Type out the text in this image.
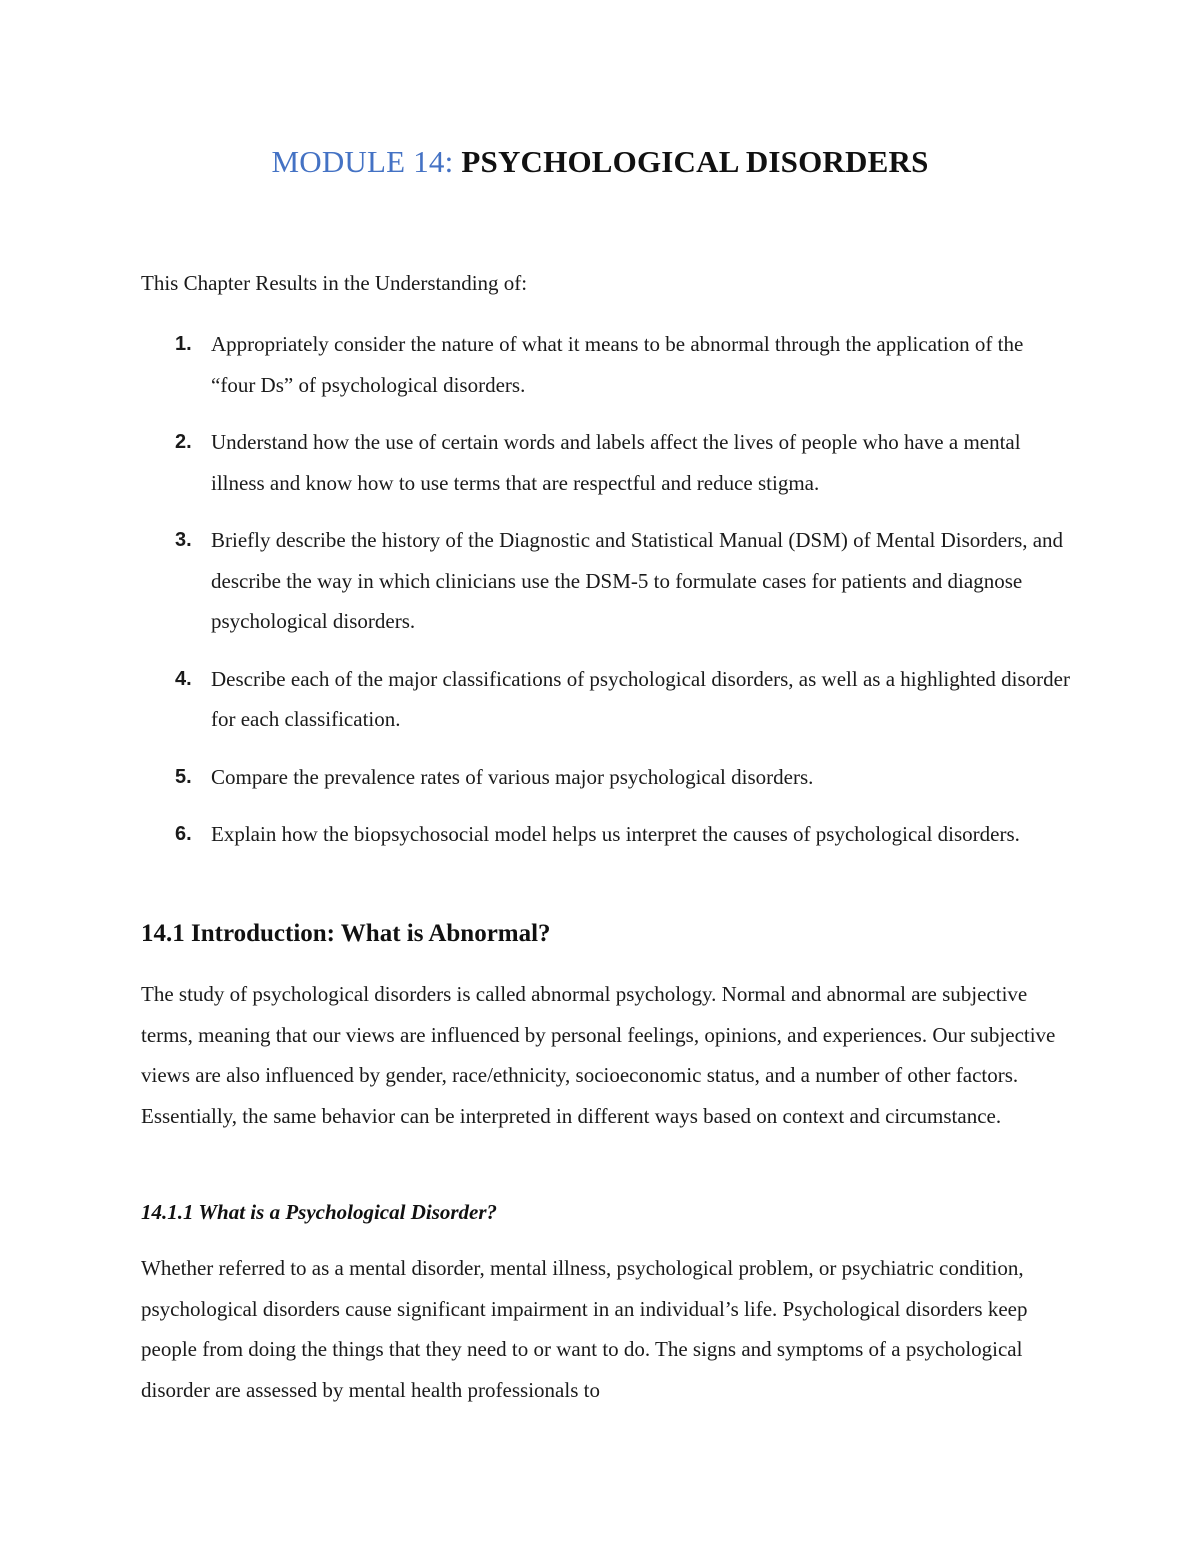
MODULE 14: PSYCHOLOGICAL DISORDERS

This Chapter Results in the Understanding of:

1. Appropriately consider the nature of what it means to be abnormal through the application of the “four Ds” of psychological disorders.
2. Understand how the use of certain words and labels affect the lives of people who have a mental illness and know how to use terms that are respectful and reduce stigma.
3. Briefly describe the history of the Diagnostic and Statistical Manual (DSM) of Mental Disorders, and describe the way in which clinicians use the DSM-5 to formulate cases for patients and diagnose psychological disorders.
4. Describe each of the major classifications of psychological disorders, as well as a highlighted disorder for each classification.
5. Compare the prevalence rates of various major psychological disorders.
6. Explain how the biopsychosocial model helps us interpret the causes of psychological disorders.
14.1 Introduction: What is Abnormal?

The study of psychological disorders is called abnormal psychology. Normal and abnormal are subjective terms, meaning that our views are influenced by personal feelings, opinions, and experiences. Our subjective views are also influenced by gender, race/ethnicity, socioeconomic status, and a number of other factors. Essentially, the same behavior can be interpreted in different ways based on context and circumstance.

14.1.1 What is a Psychological Disorder?

Whether referred to as a mental disorder, mental illness, psychological problem, or psychiatric condition, psychological disorders cause significant impairment in an individual’s life. Psychological disorders keep people from doing the things that they need to or want to do. The signs and symptoms of a psychological disorder are assessed by mental health professionals to
